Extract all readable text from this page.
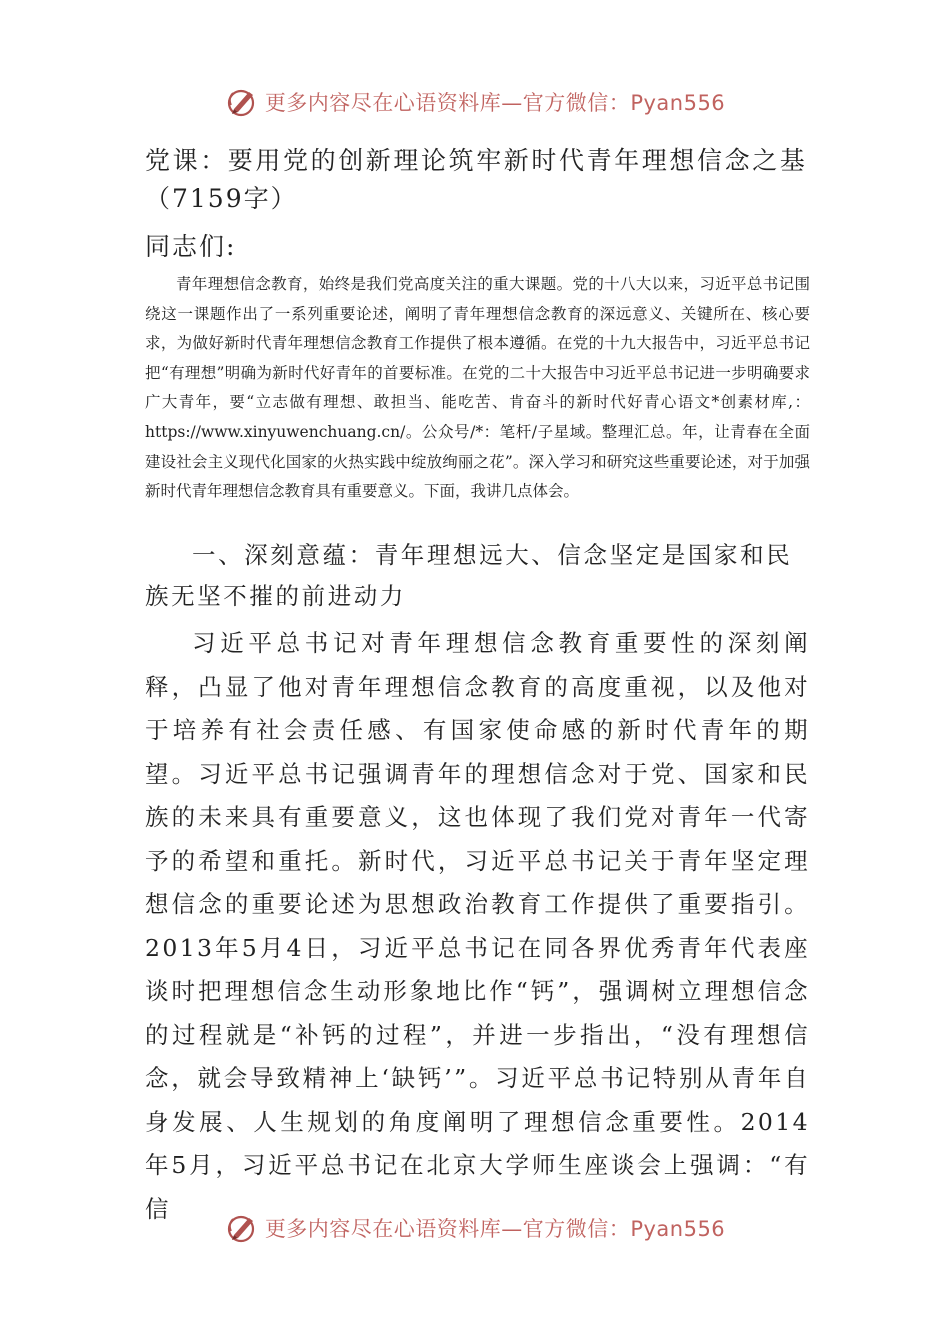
更多内容尽在心语资料库—官方微信：Pyan556
党课：要用党的创新理论筑牢新时代青年理想信念之基
（7159字）

同志们:

青年理想信念教育，始终是我们党高度关注的重大课题。党的十八大以来，习近平总书记围绕这一课题作出了一系列重要论述，阐明了青年理想信念教育的深远意义、关键所在、核心要求，为做好新时代青年理想信念教育工作提供了根本遵循。在党的十九大报告中，习近平总书记把“有理想”明确为新时代好青年的首要标准。在党的二十大报告中习近平总书记进一步明确要求广大青年，要“立志做有理想、敢担当、能吃苦、肯奋斗的新时代好青心语文*创素材库,：https://www.xinyuwenchuang.cn/。公众号/*：笔杆/子星域。整理汇总。年，让青春在全面建设社会主义现代化国家的火热实践中绽放绚丽之花”。深入学习和研究这些重要论述，对于加强新时代青年理想信念教育具有重要意义。下面，我讲几点体会。

一、深刻意蕴：青年理想远大、信念坚定是国家和民族无坚不摧的前进动力

习近平总书记对青年理想信念教育重要性的深刻阐释，凸显了他对青年理想信念教育的高度重视，以及他对于培养有社会责任感、有国家使命感的新时代青年的期望。习近平总书记强调青年的理想信念对于党、国家和民族的未来具有重要意义，这也体现了我们党对青年一代寄予的希望和重托。新时代，习近平总书记关于青年坚定理想信念的重要论述为思想政治教育工作提供了重要指引。2013年5月4日，习近平总书记在同各界优秀青年代表座谈时把理想信念生动形象地比作“钙”，强调树立理想信念的过程就是“补钙的过程”，并进一步指出，“没有理想信念，就会导致精神上‘缺钙’”。习近平总书记特别从青年自身发展、人生规划的角度阐明了理想信念重要性。2014年5月，习近平总书记在北京大学师生座谈会上强调：“有信

更多内容尽在心语资料库—官方微信：Pyan556
